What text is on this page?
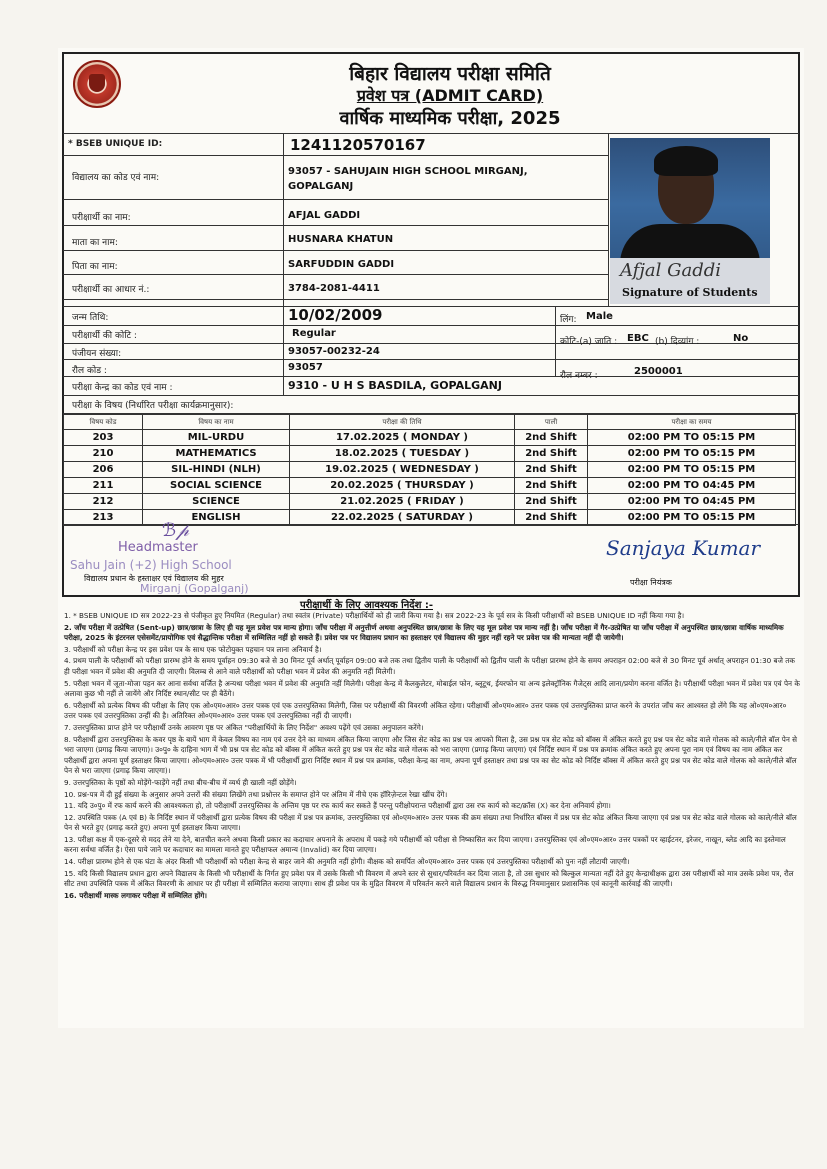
बिहार विद्यालय परीक्षा समिति
प्रवेश पत्र (ADMIT CARD)
वार्षिक माध्यमिक परीक्षा, 2025
* BSEB UNIQUE ID:	1241120570167
विद्यालय का कोड एवं नाम:
93057 - SAHUJAIN HIGH SCHOOL MIRGANJ,
GOPALGANJ
परीक्षार्थी का नाम:	AFJAL GADDI
माता का नाम:	HUSNARA KHATUN
पिता का नाम:	SARFUDDIN GADDI
परीक्षार्थी का आधार नं.:	3784-2081-4411
जन्म तिथि:	10/02/2009	लिंग: Male
परीक्षार्थी की कोटि :	Regular
कोटि-(a) जाति : EBC (b) दिव्यांग :	No
पंजीयन संख्या:	93057-00232-24
रौल कोड :	93057
रौल नम्बर :	2500001
परीक्षा केन्द्र का कोड एवं नाम :	9310 - U H S BASDILA, GOPALGANJ
परीक्षा के विषय (निर्धारित परीक्षा कार्यक्रमानुसार):
Afjal Gaddi
Signature of Students
विषय कोड	विषय का नाम	परीक्षा की तिथि	पाली	परीक्षा का समय
203	MIL-URDU	17.02.2025 ( MONDAY )	2nd Shift	02:00 PM TO 05:15 PM
210	MATHEMATICS	18.02.2025 ( TUESDAY )	2nd Shift	02:00 PM TO 05:15 PM
206	SIL-HINDI (NLH)	19.02.2025 ( WEDNESDAY )	2nd Shift	02:00 PM TO 05:15 PM
211	SOCIAL SCIENCE	20.02.2025 ( THURSDAY )	2nd Shift	02:00 PM TO 04:45 PM
212	SCIENCE	21.02.2025 ( FRIDAY )	2nd Shift	02:00 PM TO 04:45 PM
213	ENGLISH	22.02.2025 ( SATURDAY )	2nd Shift	02:00 PM TO 05:15 PM
ℬ𝓅
Headmaster
Sahu Jain (+2) High School
विद्यालय प्रधान के हस्ताक्षर एवं विद्यालय की मुहर
Mirganj (Gopalganj)
Sanjaya Kumar
परीक्षा नियंत्रक
परीक्षार्थी के लिए आवश्यक निर्देश :-
1. * BSEB UNIQUE ID सत्र 2022-23 से पंजीकृत हुए नियमित (Regular) तथा स्वतंत्र (Private) परीक्षार्थियों को ही जारी किया गया है। सत्र 2022-23 के पूर्व सत्र के किसी परीक्षार्थी को BSEB UNIQUE ID नहीं किया गया है।
2. जाँच परीक्षा में उत्प्रेषित (Sent-up) छात्र/छात्रा के लिए ही यह मूल प्रवेश पत्र मान्य होगा। जाँच परीक्षा में अनुत्तीर्ण अथवा अनुपस्थित छात्र/छात्रा के लिए यह मूल प्रवेश पत्र मान्य नहीं है। जाँच परीक्षा में गैर-उत्प्रेषित या जाँच परीक्षा में अनुपस्थित छात्र/छात्रा वार्षिक माध्यमिक परीक्षा, 2025 के इंटरनल एसेसमेंट/प्रायोगिक एवं सैद्धान्तिक परीक्षा में सम्मिलित नहीं हो सकते हैं। प्रवेश पत्र पर विद्यालय प्रधान का हस्ताक्षर एवं विद्यालय की मुहर नहीं रहने पर प्रवेश पत्र की मान्यता नहीं दी जायेगी।
3. परीक्षार्थी को परीक्षा केन्द्र पर इस प्रवेश पत्र के साथ एक फोटोयुक्त पहचान पत्र लाना अनिवार्य है।
4. प्रथम पाली के परीक्षार्थी को परीक्षा प्रारम्भ होने के समय पूर्वाहन 09:30 बजे से 30 मिनट पूर्व अर्थात् पूर्वाहन 09:00 बजे तक तथा द्वितीय पाली के परीक्षार्थी को द्वितीय पाली के परीक्षा प्रारम्भ होने के समय अपराहन 02:00 बजे से 30 मिनट पूर्व अर्थात् अपराहन 01:30 बजे तक ही परीक्षा भवन में प्रवेश की अनुमति दी जाएगी। विलम्ब से आने वाले परीक्षार्थी को परीक्षा भवन में प्रवेश की अनुमति नहीं मिलेगी।
5. परीक्षा भवन में जूता-मोजा पहन कर आना सर्वथा वर्जित है अन्यथा परीक्षा भवन में प्रवेश की अनुमति नहीं मिलेगी। परीक्षा केन्द्र में कैलकुलेटर, मोबाईल फोन, ब्लूटूथ, ईयरफोन या अन्य इलेक्ट्रॉनिक गैजेट्स आदि लाना/प्रयोग करना वर्जित है। परीक्षार्थी परीक्षा भवन में प्रवेश पत्र एवं पेन के अलावा कुछ भी नहीं ले जायेंगे और निर्दिष्ट स्थान/सीट पर ही बैठेंगे।
6. परीक्षार्थी को प्रत्येक विषय की परीक्षा के लिए एक ओ०एम०आर० उत्तर पत्रक एवं एक उत्तरपुस्तिका मिलेगी, जिस पर परीक्षार्थी की विवरणी अंकित रहेगा। परीक्षार्थी ओ०एम०आर० उत्तर पत्रक एवं उत्तरपुस्तिका प्राप्त करने के उपरांत जाँच कर आश्वस्त हो लेंगे कि यह ओ०एम०आर० उत्तर पत्रक एवं उत्तरपुस्तिका उन्हीं की है। अतिरिक्त ओ०एम०आर० उत्तर पत्रक एवं उत्तरपुस्तिका नहीं दी जाएगी।
7. उत्तरपुस्तिका प्राप्त होने पर परीक्षार्थी उनके आवरण पृष्ठ पर अंकित "परीक्षार्थियों के लिए निर्देश" अवश्य पढ़ेंगे एवं उसका अनुपालन करेंगे।
8. परीक्षार्थी द्वारा उत्तरपुस्तिका के कवर पृष्ठ के बायें भाग में केवल विषय का नाम एवं उत्तर देने का माध्यम अंकित किया जाएगा और जिस सेट कोड का प्रश्न पत्र आपको मिला है, उस प्रश्न पत्र सेट कोड को बॉक्स में अंकित करते हुए प्रश्न पत्र सेट कोड वाले गोलक को काले/नीले बॉल पेन से भरा जाएगा (प्रगाढ़ किया जाएगा)। उ०पु० के दाहिना भाग में भी प्रश्न पत्र सेट कोड को बॉक्स में अंकित करते हुए प्रश्न पत्र सेट कोड वाले गोलक को भरा जाएगा (प्रगाढ़ किया जाएगा) एवं निर्दिष्ट स्थान में प्रश्न पत्र क्रमांक अंकित करते हुए अपना पूरा नाम एवं विषय का नाम अंकित कर परीक्षार्थी द्वारा अपना पूर्ण हस्ताक्षर किया जाएगा। ओ०एम०आर० उत्तर पत्रक में भी परीक्षार्थी द्वारा निर्दिष्ट स्थान में प्रश्न पत्र क्रमांक, परीक्षा केन्द्र का नाम, अपना पूर्ण हस्ताक्षर तथा प्रश्न पत्र का सेट कोड को निर्दिष्ट बॉक्स में अंकित करते हुए प्रश्न पत्र सेट कोड वाले गोलक को काले/नीले बॉल पेन से भरा जाएगा (प्रगाढ़ किया जाएगा)।
9. उत्तरपुस्तिका के पृष्ठों को मोड़ेंगे-फाड़ेंगे नहीं तथा बीच-बीच में व्यर्थ ही खाली नहीं छोड़ेंगे।
10. प्रश्न-पत्र में दी हुई संख्या के अनुसार अपने उत्तरों की संख्या लिखेंगे तथा प्रश्नोत्तर के समाप्त होने पर अंतिम में नीचे एक हॉरिज़ेन्टल रेखा खींच देंगे।
11. यदि उ०पु० में रफ कार्य करने की आवश्यकता हो, तो परीक्षार्थी उत्तरपुस्तिका के अन्तिम पृष्ठ पर रफ कार्य कर सकते हैं परन्तु परीक्षोपरान्त परीक्षार्थी द्वारा उस रफ कार्य को कट/क्रॉस (X) कर देना अनिवार्य होगा।
12. उपस्थिति पत्रक (A एवं B) के निर्दिष्ट स्थान में परीक्षार्थी द्वारा प्रत्येक विषय की परीक्षा में प्रश्न पत्र क्रमांक, उत्तरपुस्तिका एवं ओ०एम०आर० उत्तर पत्रक की क्रम संख्या तथा निर्धारित बॉक्स में प्रश्न पत्र सेट कोड अंकित किया जाएगा एवं प्रश्न पत्र सेट कोड वाले गोलक को काले/नीले बॉल पेन से भरते हुए (प्रगाढ़ करते हुए) अपना पूर्ण हस्ताक्षर किया जाएगा।
13. परीक्षा कक्ष में एक-दूसरे से मदद लेने या देने, बातचीत करने अथवा किसी प्रकार का कदाचार अपनाने के अपराध में पकड़े गये परीक्षार्थी को परीक्षा से निष्कासित कर दिया जाएगा। उत्तरपुस्तिका एवं ओ०एम०आर० उत्तर पत्रकों पर व्हाईटनर, इरेजर, नाखून, ब्लेड आदि का इस्तेमाल करना सर्वथा वर्जित है। ऐसा पाये जाने पर कदाचार का मामला मानते हुए परीक्षाफल अमान्य (Invalid) कर दिया जाएगा।
14. परीक्षा प्रारम्भ होने से एक घंटा के अंदर किसी भी परीक्षार्थी को परीक्षा केन्द्र से बाहर जाने की अनुमति नहीं होगी। वीक्षक को समर्पित ओ०एम०आर० उत्तर पत्रक एवं उत्तरपुस्तिका परीक्षार्थी को पुनः नहीं लौटायी जाएगी।
15. यदि किसी विद्यालय प्रधान द्वारा अपने विद्यालय के किसी भी परीक्षार्थी के निर्गत हुए प्रवेश पत्र में उसके किसी भी विवरण में अपने स्तर से सुधार/परिवर्तन कर दिया जाता है, तो उस सुधार को बिल्कुल मान्यता नहीं देते हुए केन्द्राधीक्षक द्वारा उस परीक्षार्थी को मात्र उसके प्रवेश पत्र, रौल सीट तथा उपस्थिति पत्रक में अंकित विवरणी के आधार पर ही परीक्षा में सम्मिलित कराया जाएगा। साथ ही प्रवेश पत्र के मुद्रित विवरण में परिवर्तन करने वाले विद्यालय प्रधान के विरुद्ध नियमानुसार प्रशासनिक एवं कानूनी कार्रवाई की जाएगी।
16. परीक्षार्थी मास्क लगाकर परीक्षा में सम्मिलित होंगे।
